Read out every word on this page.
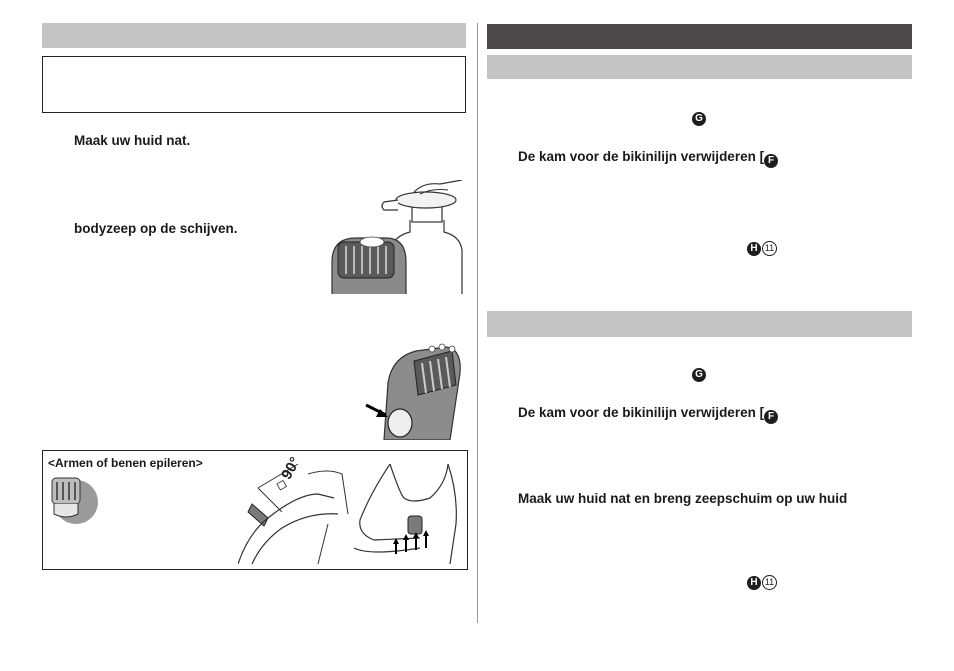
Maak uw huid nat.
bodyzeep op de schijven.
<Armen of benen epileren>	90°
G
De kam voor de bikinilijn verwijderen [ F
H 11
G
De kam voor de bikinilijn verwijderen [ F
Maak uw huid nat en breng zeepschuim op uw huid
H 11
